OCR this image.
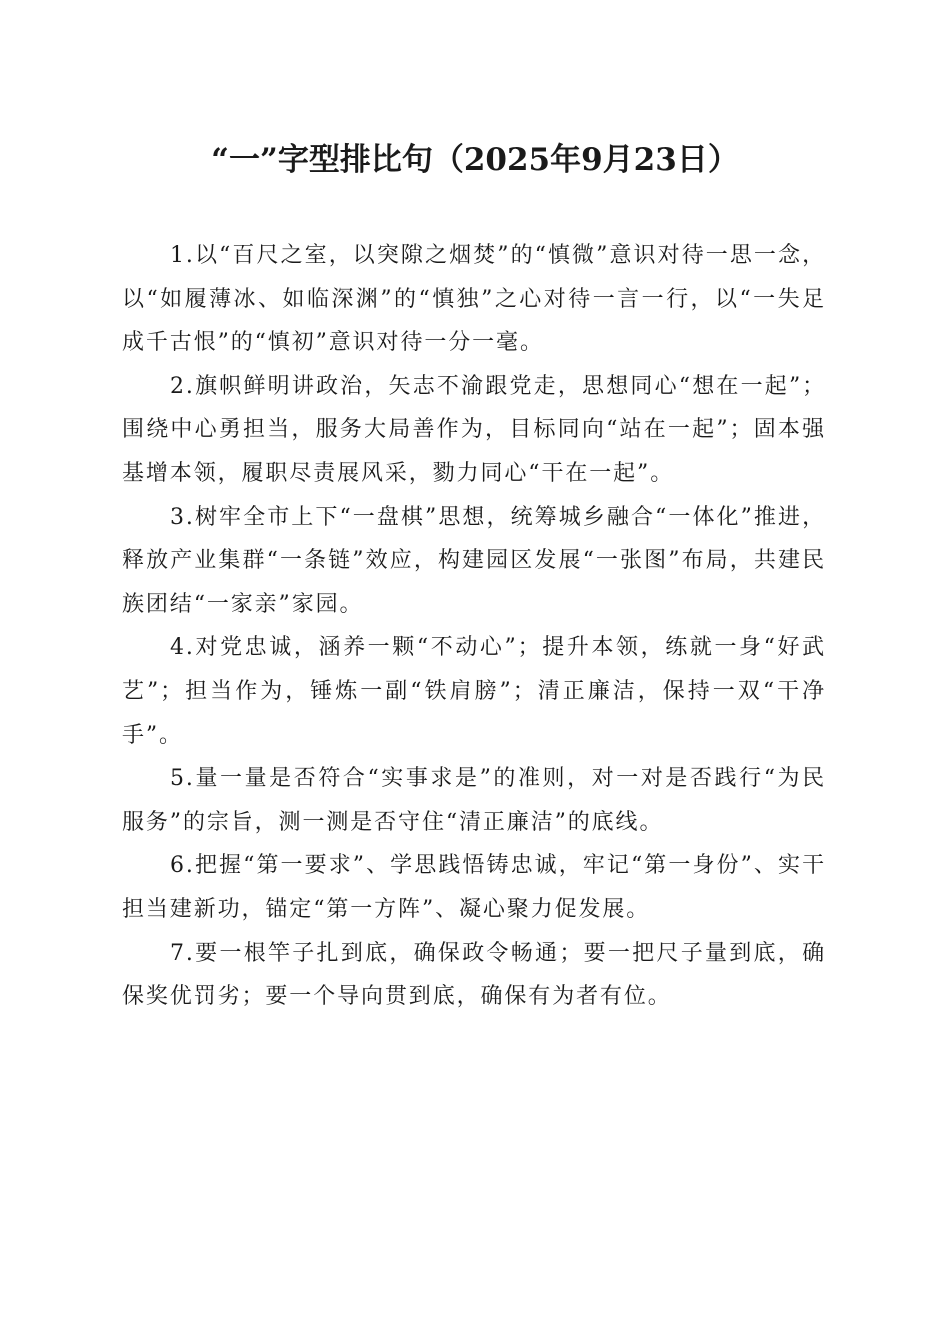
“一”字型排比句（2025年9月23日）

1.以“百尺之室，以突隙之烟焚”的“慎微”意识对待一思一念，以“如履薄冰、如临深渊”的“慎独”之心对待一言一行，以“一失足成千古恨”的“慎初”意识对待一分一毫。

2.旗帜鲜明讲政治，矢志不渝跟党走，思想同心“想在一起”；围绕中心勇担当，服务大局善作为，目标同向“站在一起”；固本强基增本领，履职尽责展风采，勠力同心“干在一起”。

3.树牢全市上下“一盘棋”思想，统筹城乡融合“一体化”推进，释放产业集群“一条链”效应，构建园区发展“一张图”布局，共建民族团结“一家亲”家园。

4.对党忠诚，涵养一颗“不动心”；提升本领，练就一身“好武艺”；担当作为，锤炼一副“铁肩膀”；清正廉洁，保持一双“干净手”。

5.量一量是否符合“实事求是”的准则，对一对是否践行“为民服务”的宗旨，测一测是否守住“清正廉洁”的底线。

6.把握“第一要求”、学思践悟铸忠诚，牢记“第一身份”、实干担当建新功，锚定“第一方阵”、凝心聚力促发展。

7.要一根竿子扎到底，确保政令畅通；要一把尺子量到底，确保奖优罚劣；要一个导向贯到底，确保有为者有位。
